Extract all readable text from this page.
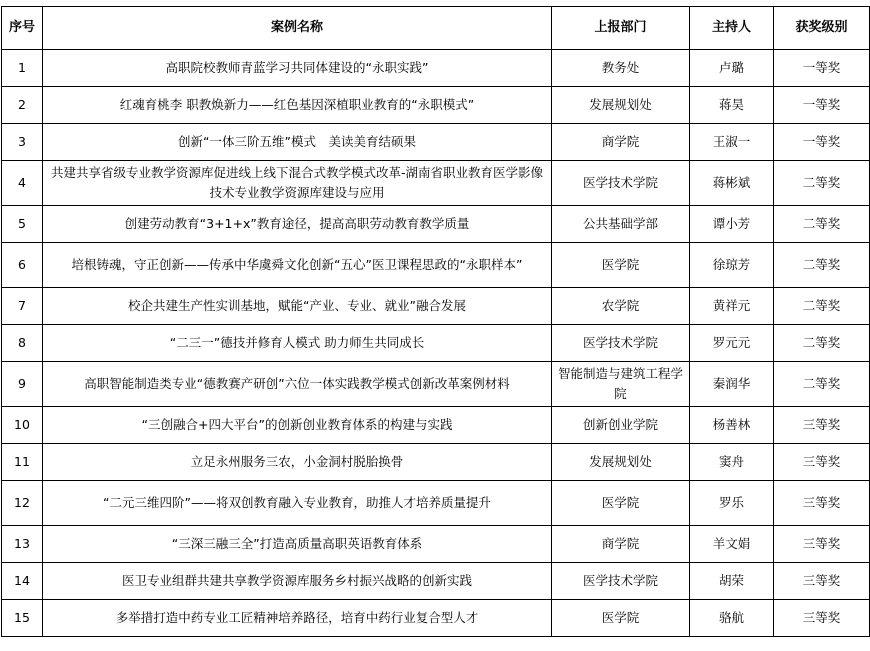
序号	案例名称	上报部门	主持人	获奖级别
1	高职院校教师青蓝学习共同体建设的“永职实践”	教务处	卢璐	一等奖
2	红魂育桃李 职教焕新力——红色基因深植职业教育的“永职模式”	发展规划处	蒋昊	一等奖
3	创新“一体三阶五维”模式　美读美育结硕果	商学院	王淑一	一等奖
4	共建共享省级专业教学资源库促进线上线下混合式教学模式改革-湖南省职业教育医学影像技术专业教学资源库建设与应用	医学技术学院	蒋彬斌	二等奖
5	创建劳动教育“3+1+x”教育途径，提高高职劳动教育教学质量	公共基础学部	谭小芳	二等奖
6	培根铸魂，守正创新——传承中华虞舜文化创新“五心”医卫课程思政的“永职样本”	医学院	徐琼芳	二等奖
7	校企共建生产性实训基地，赋能“产业、专业、就业”融合发展	农学院	黄祥元	二等奖
8	“二三一”德技并修育人模式 助力师生共同成长	医学技术学院	罗元元	二等奖
9	高职智能制造类专业“德教赛产研创”六位一体实践教学模式创新改革案例材料	智能制造与建筑工程学院	秦润华	二等奖
10	“三创融合+四大平台”的创新创业教育体系的构建与实践	创新创业学院	杨善林	三等奖
11	立足永州服务三农，小金洞村脱胎换骨	发展规划处	窦舟	三等奖
12	“二元三维四阶”——将双创教育融入专业教育，助推人才培养质量提升	医学院	罗乐	三等奖
13	“三深三融三全”打造高质量高职英语教育体系	商学院	羊文娟	三等奖
14	医卫专业组群共建共享教学资源库服务乡村振兴战略的创新实践	医学技术学院	胡荣	三等奖
15	多举措打造中药专业工匠精神培养路径，培育中药行业复合型人才	医学院	骆航	三等奖
